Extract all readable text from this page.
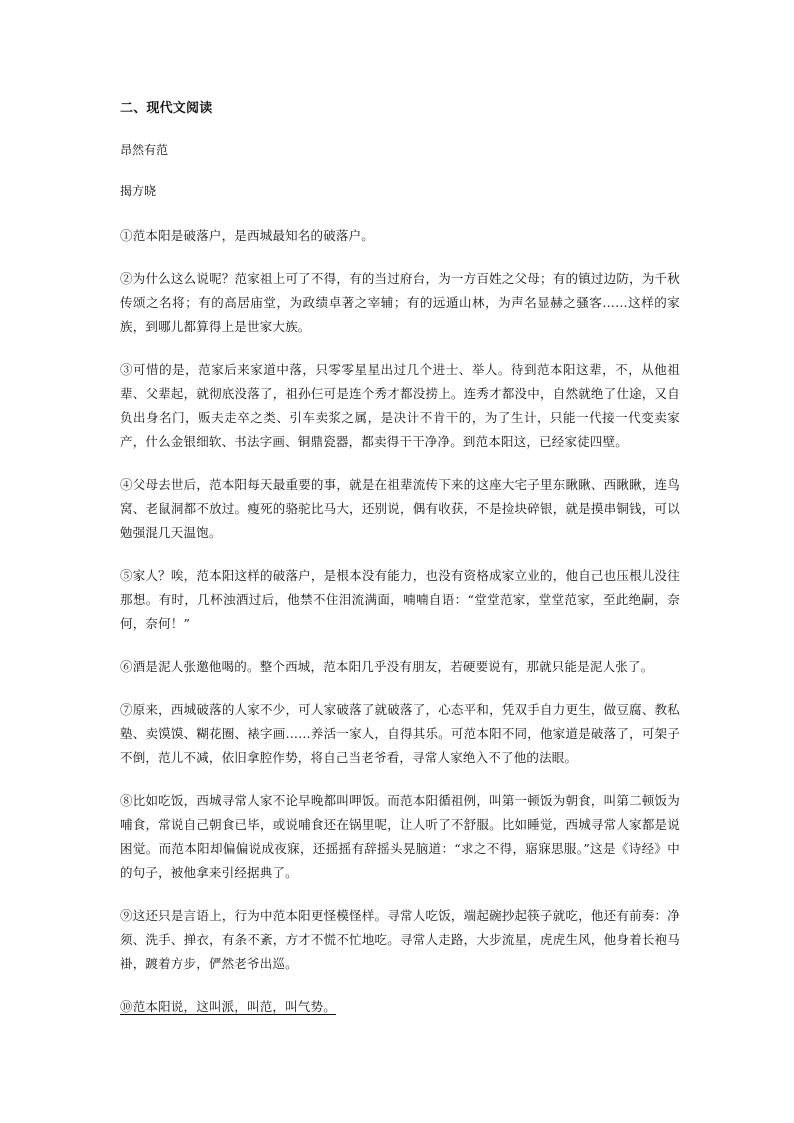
二、现代文阅读
昂然有范
揭方晓

①范本阳是破落户，是西城最知名的破落户。

②为什么这么说呢？范家祖上可了不得，有的当过府台，为一方百姓之父母；有的镇过边防，为千秋传颂之名将；有的高居庙堂，为政绩卓著之宰辅；有的远遁山林，为声名显赫之骚客……这样的家族，到哪儿都算得上是世家大族。

③可惜的是，范家后来家道中落，只零零星星出过几个进士、举人。待到范本阳这辈，不，从他祖辈、父辈起，就彻底没落了，祖孙仨可是连个秀才都没捞上。连秀才都没中，自然就绝了仕途，又自负出身名门，贩夫走卒之类、引车卖浆之属，是决计不肯干的，为了生计，只能一代接一代变卖家产，什么金银细软、书法字画、铜鼎瓷器，都卖得干干净净。到范本阳这，已经家徒四壁。

④父母去世后，范本阳每天最重要的事，就是在祖辈流传下来的这座大宅子里东瞅瞅、西瞅瞅，连鸟窝、老鼠洞都不放过。瘦死的骆驼比马大，还别说，偶有收获，不是捡块碎银，就是摸串铜钱，可以勉强混几天温饱。

⑤家人？唉，范本阳这样的破落户，是根本没有能力，也没有资格成家立业的，他自己也压根儿没往那想。有时，几杯浊酒过后，他禁不住泪流满面，喃喃自语：“堂堂范家，堂堂范家，至此绝嗣，奈何，奈何！”

⑥酒是泥人张邀他喝的。整个西城，范本阳几乎没有朋友，若硬要说有，那就只能是泥人张了。

⑦原来，西城破落的人家不少，可人家破落了就破落了，心态平和，凭双手自力更生，做豆腐、教私塾、卖馍馍、糊花圈、裱字画……养活一家人，自得其乐。可范本阳不同，他家道是破落了，可架子不倒，范儿不减，依旧拿腔作势，将自己当老爷看，寻常人家绝入不了他的法眼。

⑧比如吃饭，西城寻常人家不论早晚都叫呷饭。而范本阳循祖例，叫第一顿饭为朝食，叫第二顿饭为哺食，常说自己朝食已毕，或说哺食还在锅里呢，让人听了不舒服。比如睡觉，西城寻常人家都是说困觉。而范本阳却偏偏说成夜寐，还摇摇有辞摇头晃脑道：“求之不得，寤寐思服。”这是《诗经》中的句子，被他拿来引经据典了。

⑨这还只是言语上，行为中范本阳更怪模怪样。寻常人吃饭，端起碗抄起筷子就吃，他还有前奏：净须、洗手、掸衣，有条不紊，方才不慌不忙地吃。寻常人走路，大步流星，虎虎生风，他身着长袍马褂，踱着方步，俨然老爷出巡。

⑩范本阳说，这叫派，叫范，叫气势。
